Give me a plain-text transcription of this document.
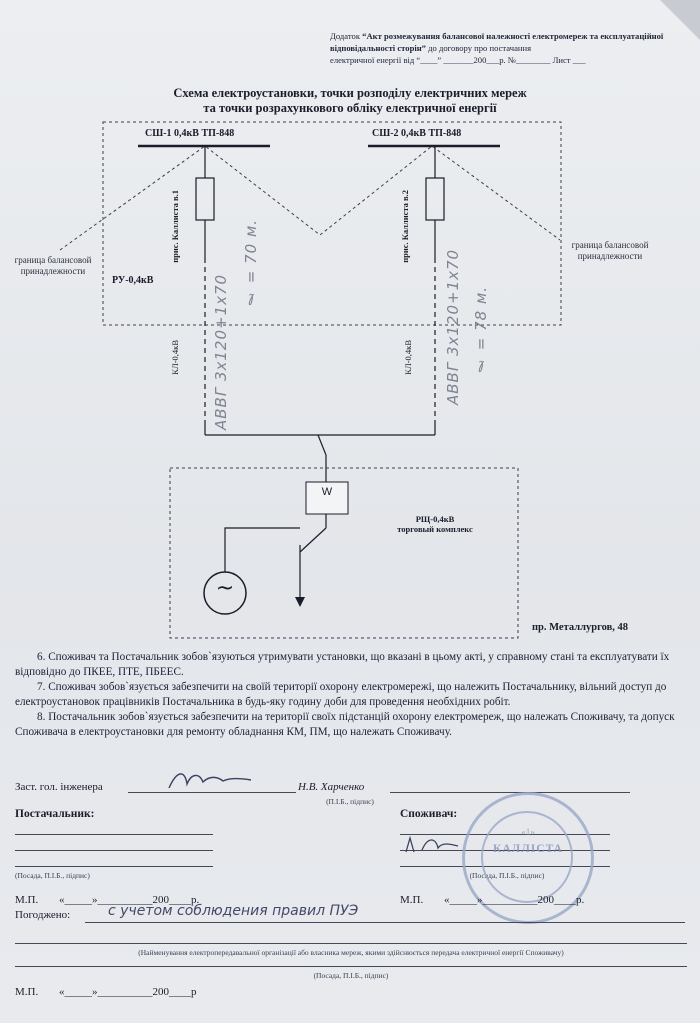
Додаток “Акт розмежування балансової належності електромереж та експлуатаційної відповідальності сторін” до договору про постачання
електричної енергії від “____” _______200___р. №________ Лист ___
Схема електроустановки, точки розподілу електричних мереж
та точки розрахункового обліку електричної енергії
СШ-1 0,4кВ ТП-848	СШ-2 0,4кВ ТП-848
РУ-0,4кВ
граница балансовой принадлежности
граница балансовой принадлежности
прис. Каллиста в.1	прис. Каллиста в.2
КЛ-0,4кВ	КЛ-0,4кВ
АВВГ 3х120+1х70
ℓ = 70 м.	АВВГ 3х120+1х70 ℓ = 78 м.
W
~
РЩ-0,4кВ
торговый комплекс
пр. Металлургов, 48

6. Споживач та Постачальник зобов`язуються утримувати установки, що вказані в цьому акті, у справному стані та експлуатувати їх відповідно до ПКЕЕ, ПТЕ, ПБЕЕС.

7. Споживач зобов`язується забезпечити на своїй території охорону електромережі, що належить Постачальнику, вільний доступ до електроустановок працівників Постачальника в будь-яку годину доби для проведення необхідних робіт.

8. Постачальник зобов`язується забезпечити на території своїх підстанцій охорону електромереж, що належать Споживачу, та допуск Споживача в електроустановки для ремонту обладнання КМ, ПМ, що належать Споживачу.

Заст. гол. інженера	Н.В. Харченко
(П.І.Б., підпис)
Постачальник:
(Посада, П.І.Б., підпис)
Споживач:
(Посада, П.І.Б., підпис)
«1»
КАЛЛІСТА
М.П. «_____»__________200____р.	М.П. «_____»__________200____р.
Погоджено:	с учетом соблюдения правил ПУЭ
(Найменування електропередавальної організації або власника мереж, якими здійснюється передача електричної енергії Споживачу)
(Посада, П.І.Б., підпис)
М.П. «_____»__________200____р
